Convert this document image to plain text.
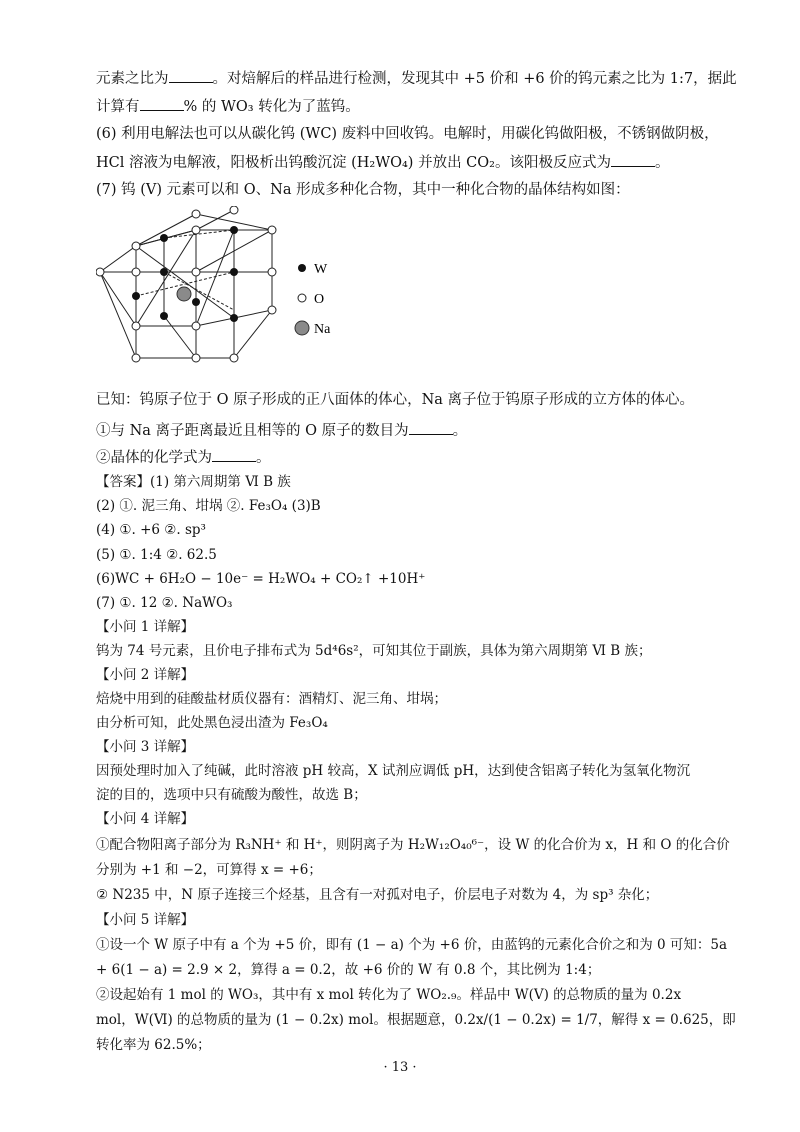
元素之比为	。对焙解后的样品进行检测，发现其中 +5 价和 +6 价的钨元素之比为 1:7，据此
计算有	% 的 WO₃ 转化为了蓝钨。
(6) 利用电解法也可以从碳化钨 (WC) 废料中回收钨。电解时，用碳化钨做阳极，不锈钢做阴极，
HCl 溶液为电解液，阳极析出钨酸沉淀 (H₂WO₄) 并放出 CO₂。该阳极反应式为	。
(7) 钨 (V) 元素可以和 O、Na 形成多种化合物，其中一种化合物的晶体结构如图：
W
O
Na
已知：钨原子位于 O 原子形成的正八面体的体心，Na 离子位于钨原子形成的立方体的体心。
①与 Na 离子距离最近且相等的 O 原子的数目为	。
②晶体的化学式为	。
【答案】(1) 第六周期第 Ⅵ B 族
(2) ①. 泥三角、坩埚 ②. Fe₃O₄ (3)B
(4) ①. +6 ②. sp³
(5) ①. 1:4 ②. 62.5
(6)WC + 6H₂O − 10e⁻ = H₂WO₄ + CO₂↑ +10H⁺
(7) ①. 12 ②. NaWO₃
【小问 1 详解】
钨为 74 号元素，且价电子排布式为 5d⁴6s²，可知其位于副族，具体为第六周期第 Ⅵ B 族；
【小问 2 详解】
焙烧中用到的硅酸盐材质仪器有：酒精灯、泥三角、坩埚；
由分析可知，此处黑色浸出渣为 Fe₃O₄
【小问 3 详解】
因预处理时加入了纯碱，此时溶液 pH 较高，X 试剂应调低 pH，达到使含铝离子转化为氢氧化物沉
淀的目的，选项中只有硫酸为酸性，故选 B；
【小问 4 详解】
①配合物阳离子部分为 R₃NH⁺ 和 H⁺，则阴离子为 H₂W₁₂O₄₀⁶⁻，设 W 的化合价为 x，H 和 O 的化合价
分别为 +1 和 −2，可算得 x = +6；
② N235 中，N 原子连接三个烃基，且含有一对孤对电子，价层电子对数为 4，为 sp³ 杂化；
【小问 5 详解】
①设一个 W 原子中有 a 个为 +5 价，即有 (1 − a) 个为 +6 价，由蓝钨的元素化合价之和为 0 可知：5a
+ 6(1 − a) = 2.9 × 2，算得 a = 0.2，故 +6 价的 W 有 0.8 个，其比例为 1:4；
②设起始有 1 mol 的 WO₃，其中有 x mol 转化为了 WO₂.₉。样品中 W(Ⅴ) 的总物质的量为 0.2x
mol，W(Ⅵ) 的总物质的量为 (1 − 0.2x) mol。根据题意，0.2x/(1 − 0.2x) = 1/7，解得 x = 0.625，即
转化率为 62.5%；
· 13 ·
